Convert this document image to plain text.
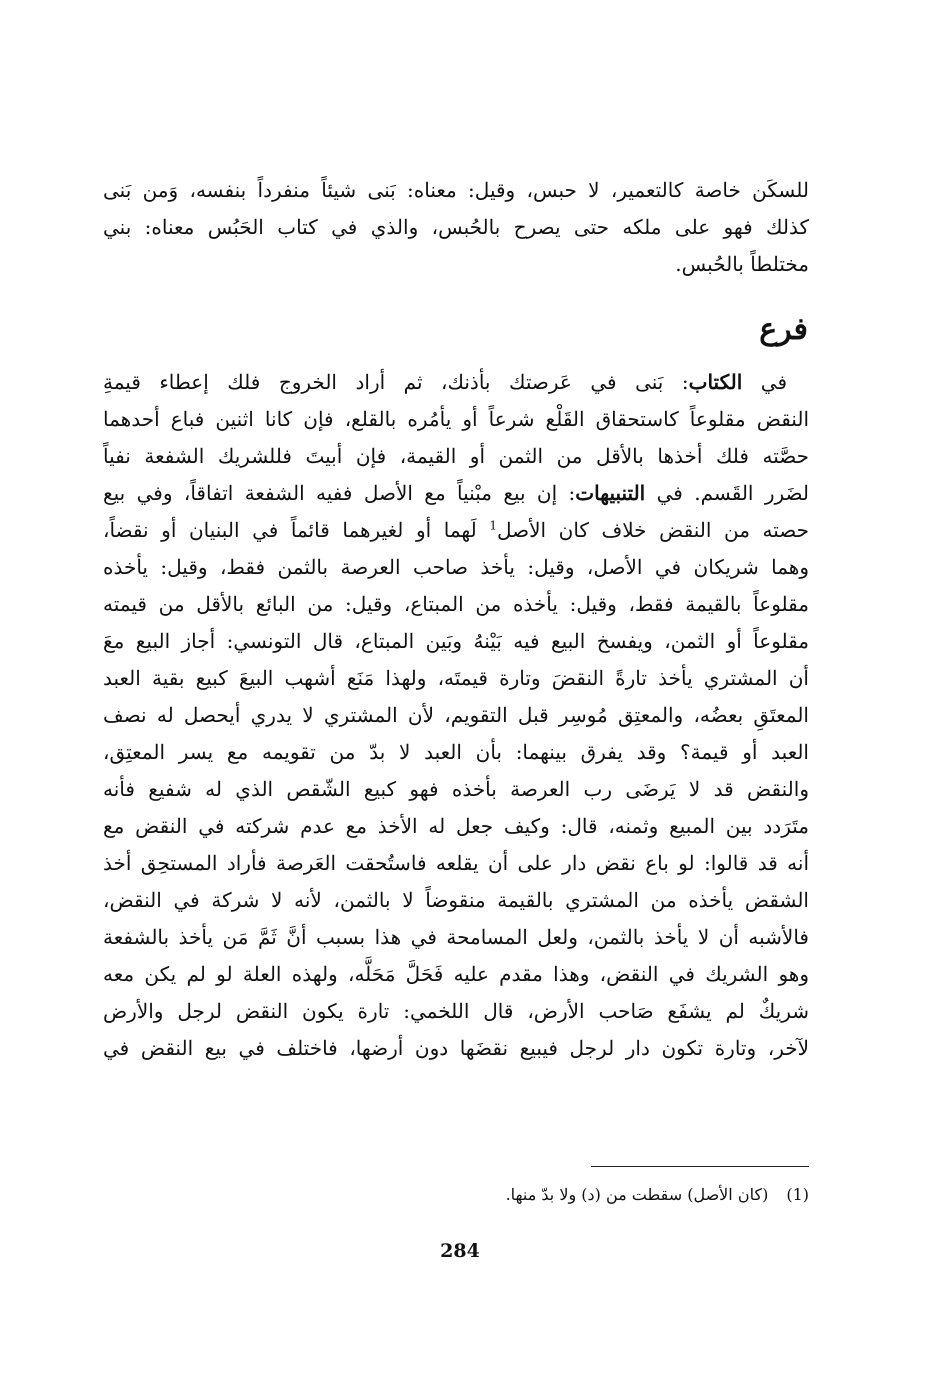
للسكَن خاصة كالتعمير، لا حبس، وقيل: معناه: بَنى شيئاً منفرداً بنفسه، وَمن بَنى
كذلك فهو على ملكه حتى يصرح بالحُبس، والذي في كتاب الحَبُس معناه: بني
مختلطاً بالحُبس.
فرع
في الكتاب: بَنى في عَرصتك بأذنك، ثم أراد الخروج فلك إعطاء قيمةِ
النقض مقلوعاً كاستحقاق القَلْع شرعاً أو يأمُره بالقلع، فإن كانا اثنين فباع أحدهما
حصَّته فلك أخذها بالأقل من الثمن أو القيمة، فإن أبيتَ فللشريك الشفعة نفياً
لضَرر القَسم. في التنبيهات: إن بيع مبْنياً مع الأصل ففيه الشفعة اتفاقاً، وفي بيع
حصته من النقض خلاف كان الأصل$^1$ لَهما أو لغيرهما قائماً في البنيان أو نقضاً،
وهما شريكان في الأصل، وقيل: يأخذ صاحب العرصة بالثمن فقط، وقيل: يأخذه
مقلوعاً بالقيمة فقط، وقيل: يأخذه من المبتاع، وقيل: من البائع بالأقل من قيمته
مقلوعاً أو الثمن، ويفسخ البيع فيه بَيْنهُ وبَين المبتاع، قال التونسي: أجاز البيع معَ
أن المشتري يأخذ تارةً النقضَ وتارة قيمتَه، ولهذا مَنَع أشهب البيعَ كبيع بقية العبد
المعتَقِ بعضُه، والمعتِق مُوسِر قبل التقويم، لأن المشتري لا يدري أيحصل له نصف
العبد أو قيمة؟ وقد يفرق بينهما: بأن العبد لا بدّ من تقويمه مع يسر المعتِق،
والنقض قد لا يَرضَى رب العرصة بأخذه فهو كبيع الشّقص الذي له شفيع فأنه
متَرَدد بين المبيع وثمنه، قال: وكيف جعل له الأخذ مع عدم شركته في النقض مع
أنه قد قالوا: لو باع نقض دار على أن يقلعه فاستُحقت العَرصة فأراد المستحِق أخذ
الشقض يأخذه من المشتري بالقيمة منقوضاً لا بالثمن، لأنه لا شركة في النقض،
فالأشبه أن لا يأخذ بالثمن، ولعل المسامحة في هذا بسبب أنَّ ثَمَّ مَن يأخذ بالشفعة
وهو الشريك في النقض، وهذا مقدم عليه فَحَلَّ مَحَلَّه، ولهذه العلة لو لم يكن معه
شريكٌ لم يشفَع صَاحب الأرض، قال اللخمي: تارة يكون النقض لرجل والأرض
لآخر، وتارة تكون دار لرجل فيبيع نقضَها دون أرضها، فاختلف في بيع النقض في
(1)(كان الأصل) سقطت من (د) ولا بدّ منها.
284
